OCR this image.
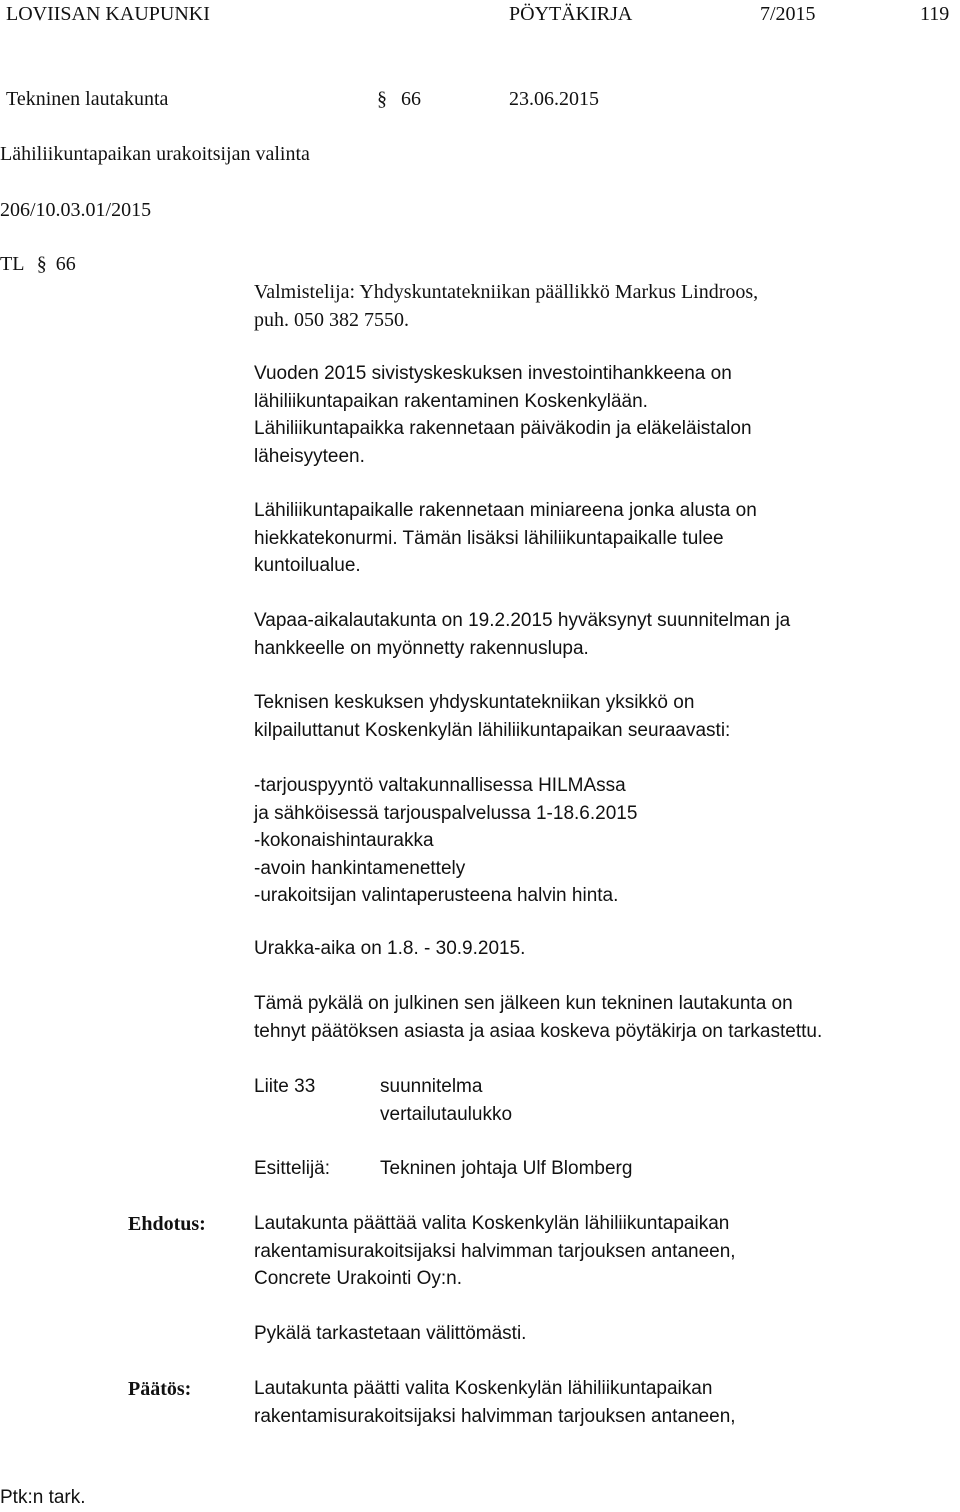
LOVIISAN KAUPUNKI	PÖYTÄKIRJA	7/2015	119
Tekninen lautakunta	§ 66	23.06.2015
Lähiliikuntapaikan urakoitsijan valinta
206/10.03.01/2015
TL § 66
Valmistelija: Yhdyskuntatekniikan päällikkö Markus Lindroos,
puh. 050 382 7550.
Vuoden 2015 sivistyskeskuksen investointihankkeena on
lähiliikuntapaikan rakentaminen Koskenkylään.
Lähiliikuntapaikka rakennetaan päiväkodin ja eläkeläistalon
läheisyyteen.
Lähiliikuntapaikalle rakennetaan miniareena jonka alusta on
hiekkatekonurmi. Tämän lisäksi lähiliikuntapaikalle tulee
kuntoilualue.
Vapaa-aikalautakunta on 19.2.2015 hyväksynyt suunnitelman ja
hankkeelle on myönnetty rakennuslupa.
Teknisen keskuksen yhdyskuntatekniikan yksikkö on
kilpailuttanut Koskenkylän lähiliikuntapaikan seuraavasti:
-tarjouspyyntö valtakunnallisessa HILMAssa
ja sähköisessä tarjouspalvelussa 1-18.6.2015
-kokonaishintaurakka
-avoin hankintamenettely
-urakoitsijan valintaperusteena halvin hinta.
Urakka-aika on 1.8. - 30.9.2015.
Tämä pykälä on julkinen sen jälkeen kun tekninen lautakunta on
tehnyt päätöksen asiasta ja asiaa koskeva pöytäkirja on tarkastettu.
Liite 33	suunnitelma
vertailutaulukko
Esittelijä:	Tekninen johtaja Ulf Blomberg
Ehdotus:	Lautakunta päättää valita Koskenkylän lähiliikuntapaikan
rakentamisurakoitsijaksi halvimman tarjouksen antaneen,
Concrete Urakointi Oy:n.
Pykälä tarkastetaan välittömästi.
Päätös:	Lautakunta päätti valita Koskenkylän lähiliikuntapaikan
rakentamisurakoitsijaksi halvimman tarjouksen antaneen,
Ptk:n tark.
